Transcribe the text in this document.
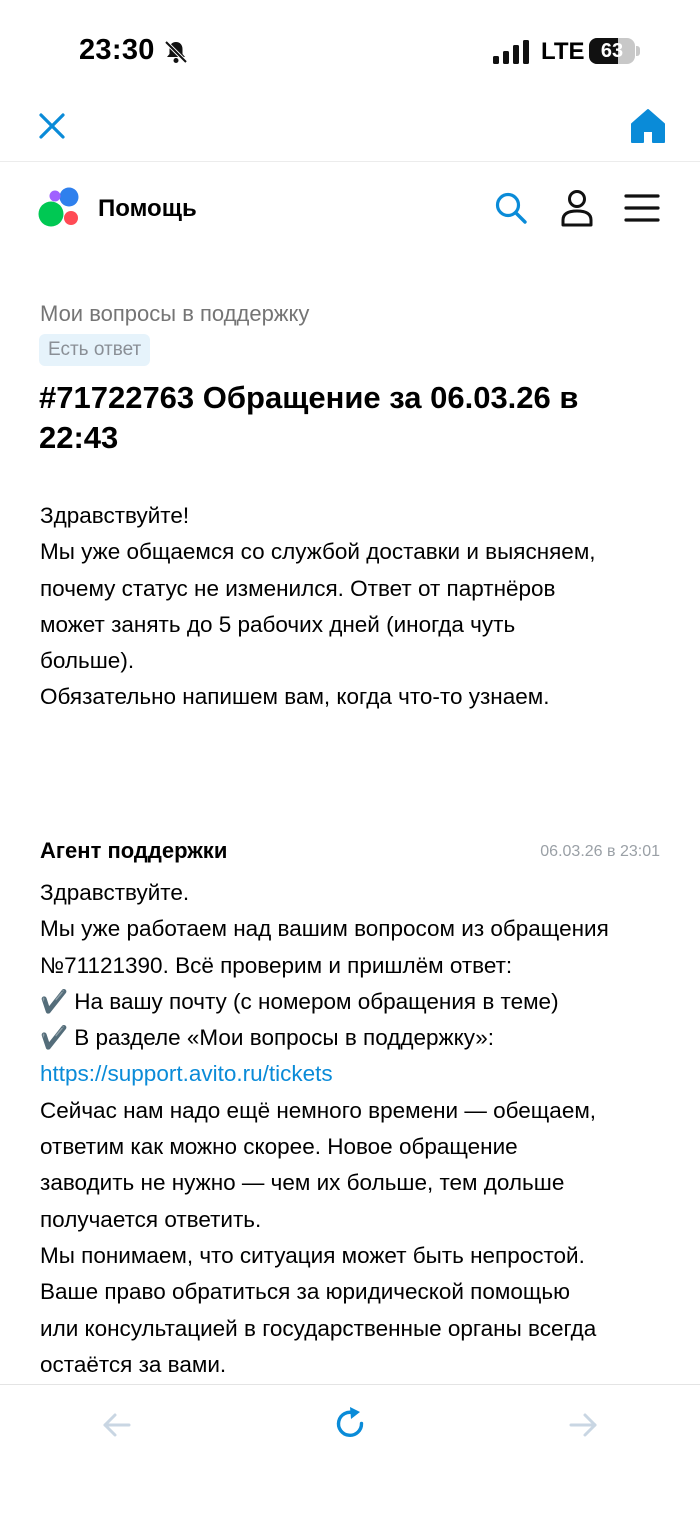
23:30	LTE 63
Помощь
Мои вопросы в поддержку
Есть ответ
#71722763 Обращение за 06.03.26 в 22:43
Здравствуйте!
Мы уже общаемся со службой доставки и выясняем,
почему статус не изменился. Ответ от партнёров
может занять до 5 рабочих дней (иногда чуть
больше).
Обязательно напишем вам, когда что-то узнаем.
Агент поддержки	06.03.26 в 23:01
Здравствуйте.
Мы уже работаем над вашим вопросом из обращения
№71121390. Всё проверим и пришлём ответ:
✔️ На вашу почту (с номером обращения в теме)
✔️ В разделе «Мои вопросы в поддержку»:
https://support.avito.ru/tickets
Сейчас нам надо ещё немного времени — обещаем,
ответим как можно скорее. Новое обращение
заводить не нужно — чем их больше, тем дольше
получается ответить.
Мы понимаем, что ситуация может быть непростой.
Ваше право обратиться за юридической помощью
или консультацией в государственные органы всегда
остаётся за вами.
